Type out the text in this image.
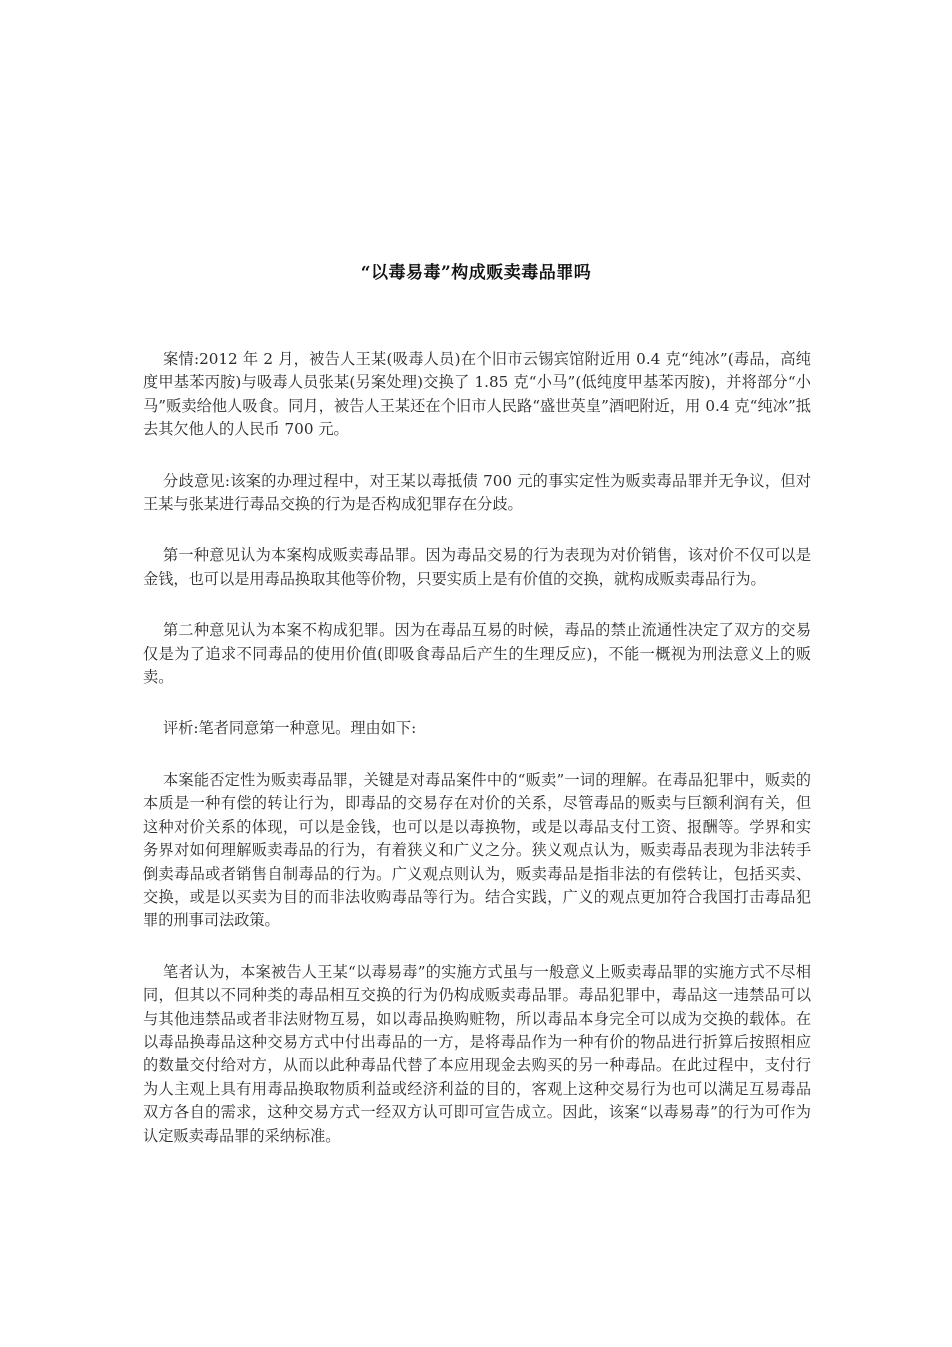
“以毒易毒”构成贩卖毒品罪吗

案情:2012 年 2 月，被告人王某(吸毒人员)在个旧市云锡宾馆附近用 0.4 克“纯冰”(毒品，高纯度甲基苯丙胺)与吸毒人员张某(另案处理)交换了 1.85 克“小马”(低纯度甲基苯丙胺)，并将部分“小马”贩卖给他人吸食。同月，被告人王某还在个旧市人民路“盛世英皇”酒吧附近，用 0.4 克“纯冰”抵去其欠他人的人民币 700 元。

分歧意见:该案的办理过程中，对王某以毒抵债 700 元的事实定性为贩卖毒品罪并无争议，但对王某与张某进行毒品交换的行为是否构成犯罪存在分歧。

第一种意见认为本案构成贩卖毒品罪。因为毒品交易的行为表现为对价销售，该对价不仅可以是金钱，也可以是用毒品换取其他等价物，只要实质上是有价值的交换，就构成贩卖毒品行为。

第二种意见认为本案不构成犯罪。因为在毒品互易的时候，毒品的禁止流通性决定了双方的交易仅是为了追求不同毒品的使用价值(即吸食毒品后产生的生理反应)，不能一概视为刑法意义上的贩卖。

评析:笔者同意第一种意见。理由如下:

本案能否定性为贩卖毒品罪，关键是对毒品案件中的“贩卖”一词的理解。在毒品犯罪中，贩卖的本质是一种有偿的转让行为，即毒品的交易存在对价的关系，尽管毒品的贩卖与巨额利润有关，但这种对价关系的体现，可以是金钱，也可以是以毒换物，或是以毒品支付工资、报酬等。学界和实务界对如何理解贩卖毒品的行为，有着狭义和广义之分。狭义观点认为，贩卖毒品表现为非法转手倒卖毒品或者销售自制毒品的行为。广义观点则认为，贩卖毒品是指非法的有偿转让，包括买卖、交换，或是以买卖为目的而非法收购毒品等行为。结合实践，广义的观点更加符合我国打击毒品犯罪的刑事司法政策。

笔者认为，本案被告人王某“以毒易毒”的实施方式虽与一般意义上贩卖毒品罪的实施方式不尽相同，但其以不同种类的毒品相互交换的行为仍构成贩卖毒品罪。毒品犯罪中，毒品这一违禁品可以与其他违禁品或者非法财物互易，如以毒品换购赃物，所以毒品本身完全可以成为交换的载体。在以毒品换毒品这种交易方式中付出毒品的一方，是将毒品作为一种有价的物品进行折算后按照相应的数量交付给对方，从而以此种毒品代替了本应用现金去购买的另一种毒品。在此过程中，支付行为人主观上具有用毒品换取物质利益或经济利益的目的，客观上这种交易行为也可以满足互易毒品双方各自的需求，这种交易方式一经双方认可即可宣告成立。因此，该案“以毒易毒”的行为可作为认定贩卖毒品罪的采纳标准。
